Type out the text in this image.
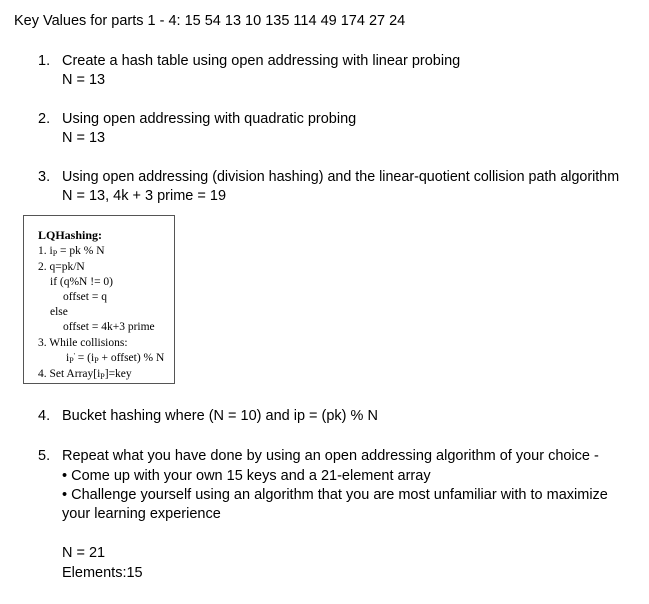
Key Values for parts 1 - 4: 15 54 13 10 135 114 49 174 27 24
1. Create a hash table using open addressing with linear probing
N = 13
2. Using open addressing with quadratic probing
N = 13
3. Using open addressing (division hashing) and the linear-quotient collision path algorithm
N = 13, 4k + 3 prime = 19
LQHashing:
1. $i_P$ = pk % N
2. q=pk/N
if (q%N != 0)
offset = q
else
offset = 4k+3 prime
3. While collisions:
$i_P' = (i_P$ + offset) % N
4. Set $Array[i_P]=key$
4. Bucket hashing where (N = 10) and ip = (pk) % N
5. Repeat what you have done by using an open addressing algorithm of your choice -
• Come up with your own 15 keys and a 21-element array
• Challenge yourself using an algorithm that you are most unfamiliar with to maximize
your learning experience
N = 21
Elements:15
